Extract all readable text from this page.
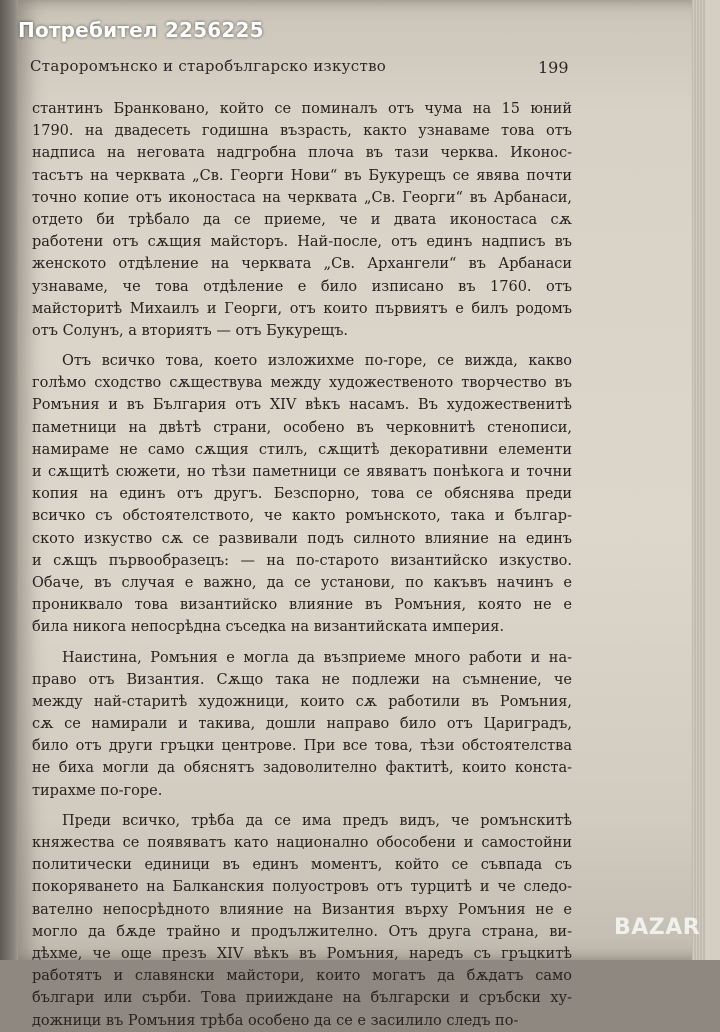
Потребител 2256225
Староромънско и старобългарско изкуство	199
стантинъ Бранковано, който се поминалъ отъ чума на 15 юний
1790. на двадесеть годишна възрасть, както узнаваме това отъ
надписа на неговата надгробна плоча въ тази черква. Иконос-
тасътъ на черквата „Св. Георги Нови“ въ Букурещъ се явява почти
точно копие отъ иконостаса на черквата „Св. Георги“ въ Арбанаси,
отдето би трѣбало да се приеме, че и двата иконостаса сѫ
работени отъ сѫщия майсторъ. Най-после, отъ единъ надписъ въ
женското отдѣление на черквата „Св. Архангели“ въ Арбанаси
узнаваме, че това отдѣление е било изписано въ 1760. отъ
майсторитѣ Михаилъ и Георги, отъ които първиятъ е билъ родомъ
отъ Солунъ, а вториятъ — отъ Букурещъ.
Отъ всичко това, което изложихме по-горе, се вижда, какво
голѣмо сходство сѫществува между художественото творчество въ
Ромъния и въ България отъ XIV вѣкъ насамъ. Въ художественитѣ
паметници на двѣтѣ страни, особено въ черковнитѣ стенописи,
намираме не само сѫщия стилъ, сѫщитѣ декоративни елементи
и сѫщитѣ сюжети, но тѣзи паметници се явяватъ понѣкога и точни
копия на единъ отъ другъ. Безспорно, това се обяснява преди
всичко съ обстоятелството, че както ромънското, така и българ-
ското изкуство сѫ се развивали подъ силното влияние на единъ
и сѫщъ първообразецъ: — на по-старото византийско изкуство.
Обаче, въ случая е важно, да се установи, по какъвъ начинъ е
прониквало това византийско влияние въ Ромъния, която не е
била никога непосрѣдна съседка на византийската империя.
Наистина, Ромъния е могла да възприеме много работи и на-
право отъ Византия. Сѫщо така не подлежи на съмнение, че
между най-старитѣ художници, които сѫ работили въ Ромъния,
сѫ се намирали и такива, дошли направо било отъ Цариградъ,
било отъ други гръцки центрове. При все това, тѣзи обстоятелства
не биха могли да обяснятъ задоволително фактитѣ, които конста-
тирахме по-горе.
Преди всичко, трѣба да се има предъ видъ, че ромънскитѣ
княжества се появяватъ като национално обособени и самостойни
политически единици въ единъ моментъ, който се съвпада съ
покоряването на Балканския полуостровъ отъ турцитѣ и че следо-
вателно непосрѣдното влияние на Византия върху Ромъния не е
могло да бѫде трайно и продължително. Отъ друга страна, ви-
дѣхме, че още презъ XIV вѣкъ въ Ромъния, наредъ съ гръцкитѣ
работятъ и славянски майстори, които могатъ да бѫдатъ само
българи или сърби. Това приижданe на български и сръбски ху-
дожници въ Ромъния трѣба особено да се е засилило следъ по-
BAZAR
